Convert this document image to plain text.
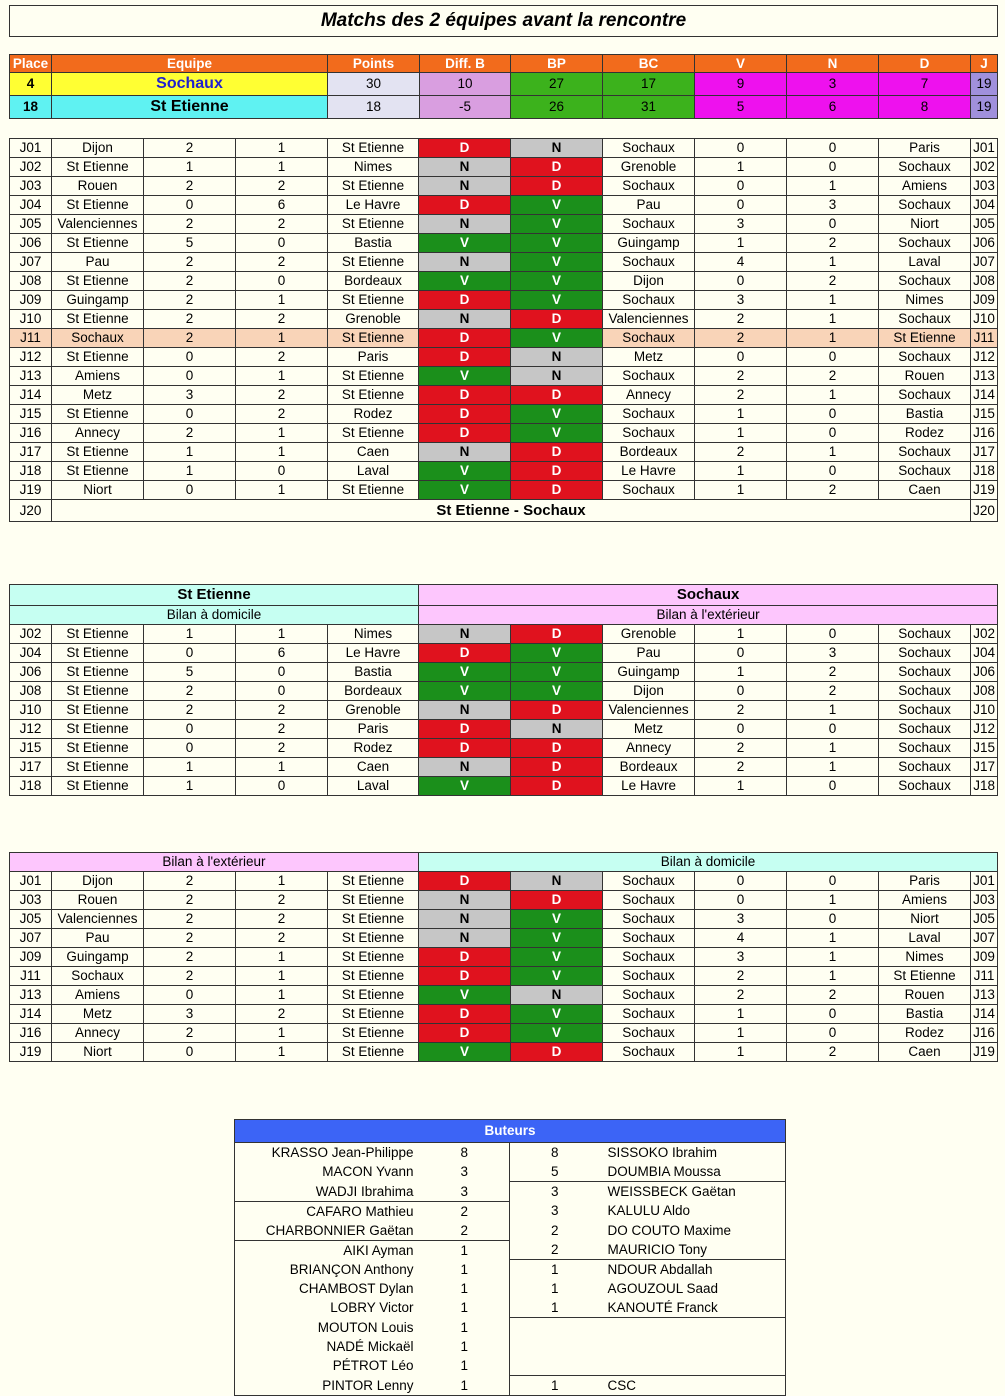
Matchs des 2 équipes avant la rencontre
Place	Equipe	Points	Diff. B	BP	BC	V	N	D	J
4	Sochaux	30	10	27	17	9	3	7	19
18	St Etienne	18	-5	26	31	5	6	8	19
J01	Dijon	2	1	St Etienne	D	N	Sochaux	0	0	Paris	J01
J02	St Etienne	1	1	Nimes	N	D	Grenoble	1	0	Sochaux	J02
J03	Rouen	2	2	St Etienne	N	D	Sochaux	0	1	Amiens	J03
J04	St Etienne	0	6	Le Havre	D	V	Pau	0	3	Sochaux	J04
J05	Valenciennes	2	2	St Etienne	N	V	Sochaux	3	0	Niort	J05
J06	St Etienne	5	0	Bastia	V	V	Guingamp	1	2	Sochaux	J06
J07	Pau	2	2	St Etienne	N	V	Sochaux	4	1	Laval	J07
J08	St Etienne	2	0	Bordeaux	V	V	Dijon	0	2	Sochaux	J08
J09	Guingamp	2	1	St Etienne	D	V	Sochaux	3	1	Nimes	J09
J10	St Etienne	2	2	Grenoble	N	D	Valenciennes	2	1	Sochaux	J10
J11	Sochaux	2	1	St Etienne	D	V	Sochaux	2	1	St Etienne	J11
J12	St Etienne	0	2	Paris	D	N	Metz	0	0	Sochaux	J12
J13	Amiens	0	1	St Etienne	V	N	Sochaux	2	2	Rouen	J13
J14	Metz	3	2	St Etienne	D	D	Annecy	2	1	Sochaux	J14
J15	St Etienne	0	2	Rodez	D	V	Sochaux	1	0	Bastia	J15
J16	Annecy	2	1	St Etienne	D	V	Sochaux	1	0	Rodez	J16
J17	St Etienne	1	1	Caen	N	D	Bordeaux	2	1	Sochaux	J17
J18	St Etienne	1	0	Laval	V	D	Le Havre	1	0	Sochaux	J18
J19	Niort	0	1	St Etienne	V	D	Sochaux	1	2	Caen	J19
J20	St Etienne - Sochaux										J20
St Etienne					Sochaux						
Bilan à domicile					Bilan à l'extérieur						
J02	St Etienne	1	1	Nimes	N	D	Grenoble	1	0	Sochaux	J02
J04	St Etienne	0	6	Le Havre	D	V	Pau	0	3	Sochaux	J04
J06	St Etienne	5	0	Bastia	V	V	Guingamp	1	2	Sochaux	J06
J08	St Etienne	2	0	Bordeaux	V	V	Dijon	0	2	Sochaux	J08
J10	St Etienne	2	2	Grenoble	N	D	Valenciennes	2	1	Sochaux	J10
J12	St Etienne	0	2	Paris	D	N	Metz	0	0	Sochaux	J12
J15	St Etienne	0	2	Rodez	D	D	Annecy	2	1	Sochaux	J15
J17	St Etienne	1	1	Caen	N	D	Bordeaux	2	1	Sochaux	J17
J18	St Etienne	1	0	Laval	V	D	Le Havre	1	0	Sochaux	J18
Bilan à l'extérieur					Bilan à domicile						
J01	Dijon	2	1	St Etienne	D	N	Sochaux	0	0	Paris	J01
J03	Rouen	2	2	St Etienne	N	D	Sochaux	0	1	Amiens	J03
J05	Valenciennes	2	2	St Etienne	N	V	Sochaux	3	0	Niort	J05
J07	Pau	2	2	St Etienne	N	V	Sochaux	4	1	Laval	J07
J09	Guingamp	2	1	St Etienne	D	V	Sochaux	3	1	Nimes	J09
J11	Sochaux	2	1	St Etienne	D	V	Sochaux	2	1	St Etienne	J11
J13	Amiens	0	1	St Etienne	V	N	Sochaux	2	2	Rouen	J13
J14	Metz	3	2	St Etienne	D	V	Sochaux	1	0	Bastia	J14
J16	Annecy	2	1	St Etienne	D	V	Sochaux	1	0	Rodez	J16
J19	Niort	0	1	St Etienne	V	D	Sochaux	1	2	Caen	J19
Buteurs			
KRASSO Jean-Philippe	8	8	SISSOKO Ibrahim
MACON Yvann	3	5	DOUMBIA Moussa
WADJI Ibrahima	3	3	WEISSBECK Gaëtan
CAFARO Mathieu	2	3	KALULU Aldo
CHARBONNIER Gaëtan	2	2	DO COUTO Maxime
AIKI Ayman	1	2	MAURICIO Tony
BRIANÇON Anthony	1	1	NDOUR Abdallah
CHAMBOST Dylan	1	1	AGOUZOUL Saad
LOBRY Victor	1	1	KANOUTÉ Franck
MOUTON Louis	1		
NADÉ Mickaël	1		
PÉTROT Léo	1		
PINTOR Lenny	1	1	CSC
